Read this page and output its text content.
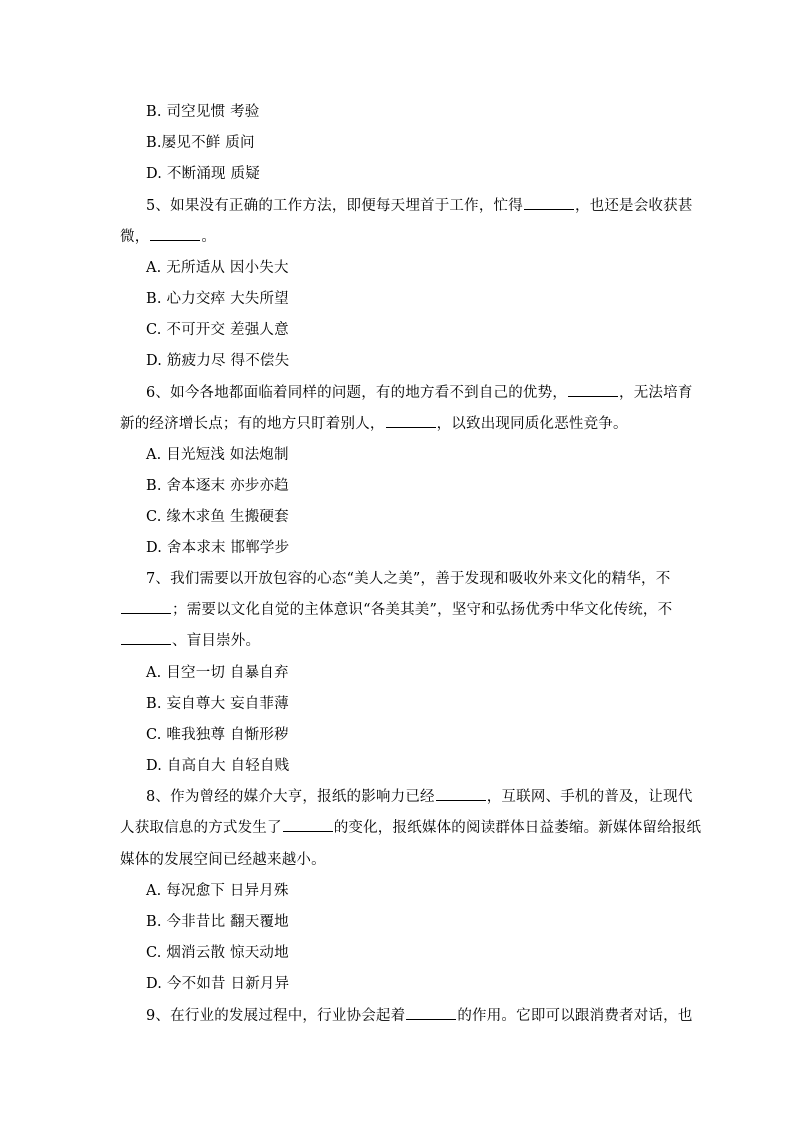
B. 司空见惯 考验
B.屡见不鲜 质问
D. 不断涌现 质疑
5、如果没有正确的工作方法，即便每天埋首于工作，忙得	，也还是会收获甚
微，	。
A. 无所适从 因小失大
B. 心力交瘁 大失所望
C. 不可开交 差强人意
D. 筋疲力尽 得不偿失
6、如今各地都面临着同样的问题，有的地方看不到自己的优势，	，无法培育
新的经济增长点；有的地方只盯着别人，	，以致出现同质化恶性竞争。
A. 目光短浅 如法炮制
B. 舍本逐末 亦步亦趋
C. 缘木求鱼 生搬硬套
D. 舍本求末 邯郸学步
7、我们需要以开放包容的心态“美人之美”，善于发现和吸收外来文化的精华，不
；需要以文化自觉的主体意识“各美其美”，坚守和弘扬优秀中华文化传统，不
、盲目崇外。
A. 目空一切 自暴自弃
B. 妄自尊大 妄自菲薄
C. 唯我独尊 自惭形秽
D. 自高自大 自轻自贱
8、作为曾经的媒介大亨，报纸的影响力已经	，互联网、手机的普及，让现代
人获取信息的方式发生了	的变化，报纸媒体的阅读群体日益萎缩。新媒体留给报纸
媒体的发展空间已经越来越小。
A. 每况愈下 日异月殊
B. 今非昔比 翻天覆地
C. 烟消云散 惊天动地
D. 今不如昔 日新月异
9、在行业的发展过程中，行业协会起着	的作用。它即可以跟消费者对话，也
